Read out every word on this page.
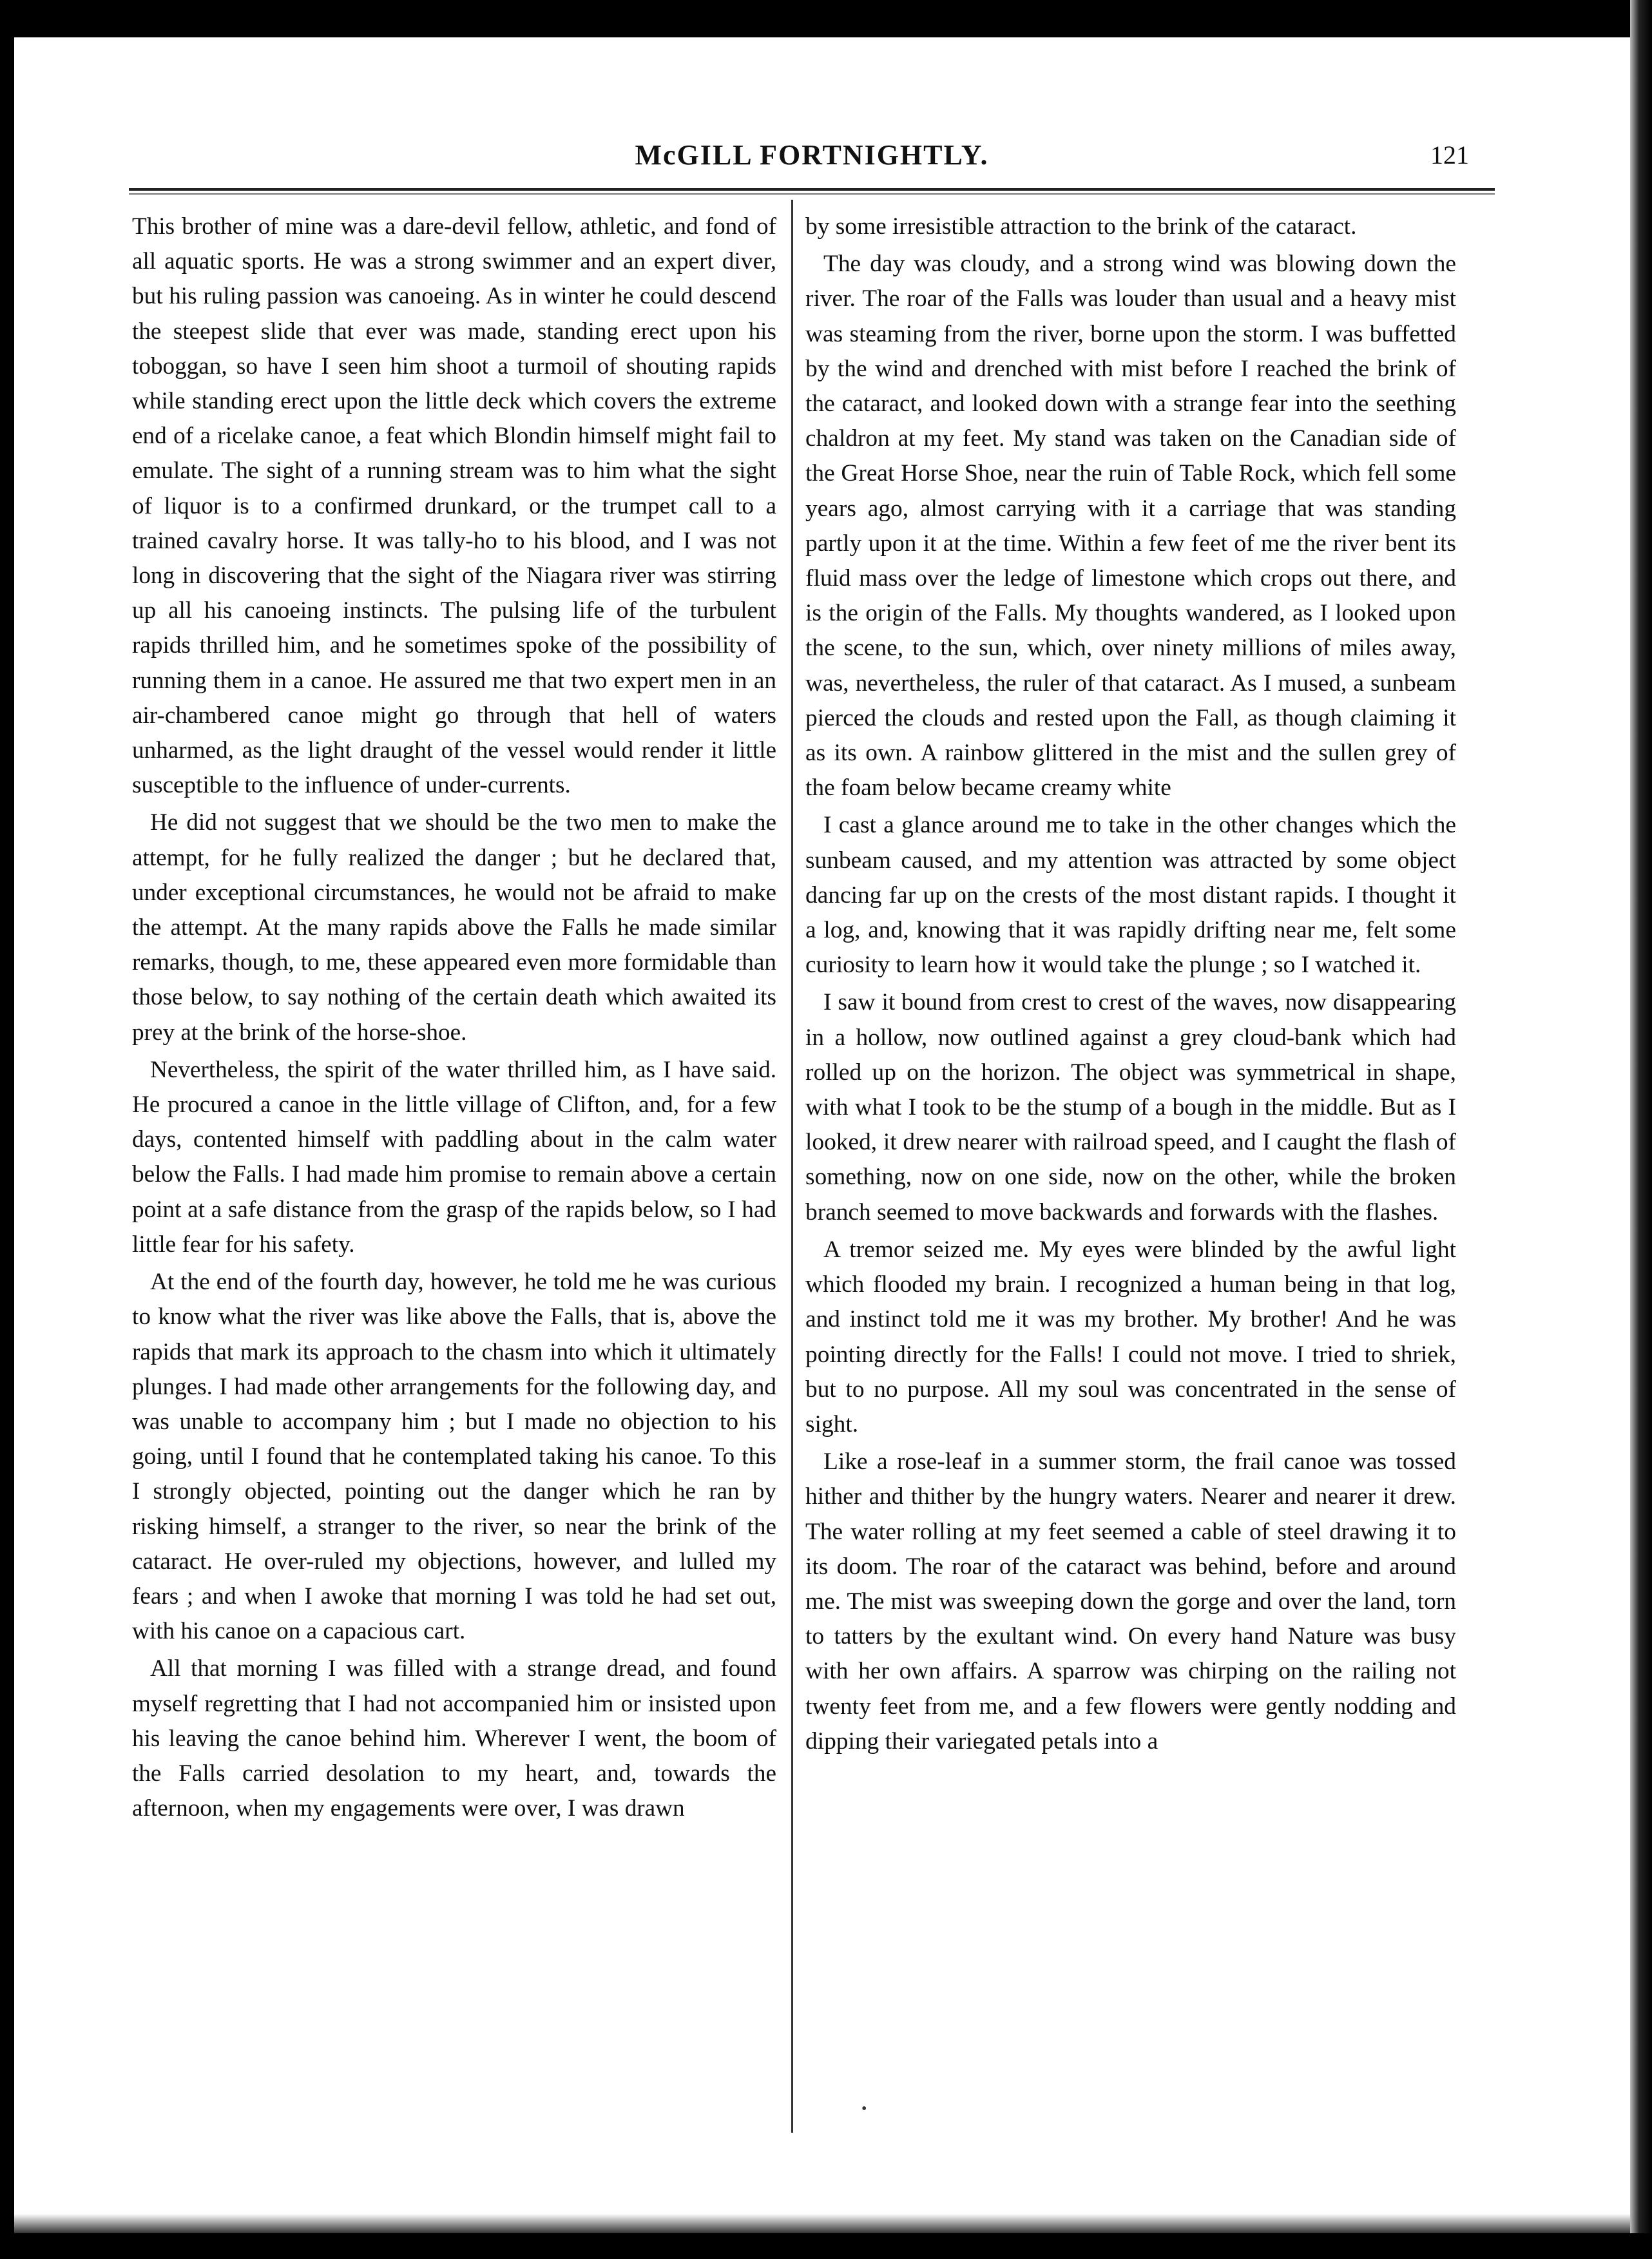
McGILL FORTNIGHTLY.	121

This brother of mine was a dare-devil fellow, athletic, and fond of all aquatic sports. He was a strong swimmer and an expert diver, but his ruling passion was canoeing. As in winter he could descend the steepest slide that ever was made, standing erect upon his toboggan, so have I seen him shoot a turmoil of shouting rapids while standing erect upon the little deck which covers the extreme end of a ricelake canoe, a feat which Blondin himself might fail to emulate. The sight of a running stream was to him what the sight of liquor is to a confirmed drunkard, or the trumpet call to a trained cavalry horse. It was tally-ho to his blood, and I was not long in discovering that the sight of the Niagara river was stirring up all his canoeing instincts. The pulsing life of the turbulent rapids thrilled him, and he sometimes spoke of the possibility of running them in a canoe. He assured me that two expert men in an air-chambered canoe might go through that hell of waters unharmed, as the light draught of the vessel would render it little susceptible to the influence of under-currents.

He did not suggest that we should be the two men to make the attempt, for he fully realized the danger ; but he declared that, under exceptional circumstances, he would not be afraid to make the attempt. At the many rapids above the Falls he made similar remarks, though, to me, these appeared even more formidable than those below, to say nothing of the certain death which awaited its prey at the brink of the horse-shoe.

Nevertheless, the spirit of the water thrilled him, as I have said. He procured a canoe in the little village of Clifton, and, for a few days, contented himself with paddling about in the calm water below the Falls. I had made him promise to remain above a certain point at a safe distance from the grasp of the rapids below, so I had little fear for his safety.

At the end of the fourth day, however, he told me he was curious to know what the river was like above the Falls, that is, above the rapids that mark its approach to the chasm into which it ultimately plunges. I had made other arrangements for the following day, and was unable to accompany him ; but I made no objection to his going, until I found that he contemplated taking his canoe. To this I strongly objected, pointing out the danger which he ran by risking himself, a stranger to the river, so near the brink of the cataract. He over-ruled my objections, however, and lulled my fears ; and when I awoke that morning I was told he had set out, with his canoe on a capacious cart.

All that morning I was filled with a strange dread, and found myself regretting that I had not accompanied him or insisted upon his leaving the canoe behind him. Wherever I went, the boom of the Falls carried desolation to my heart, and, towards the afternoon, when my engagements were over, I was drawn

by some irresistible attraction to the brink of the cataract.

The day was cloudy, and a strong wind was blowing down the river. The roar of the Falls was louder than usual and a heavy mist was steaming from the river, borne upon the storm. I was buffetted by the wind and drenched with mist before I reached the brink of the cataract, and looked down with a strange fear into the seething chaldron at my feet. My stand was taken on the Canadian side of the Great Horse Shoe, near the ruin of Table Rock, which fell some years ago, almost carrying with it a carriage that was standing partly upon it at the time. Within a few feet of me the river bent its fluid mass over the ledge of limestone which crops out there, and is the origin of the Falls. My thoughts wandered, as I looked upon the scene, to the sun, which, over ninety millions of miles away, was, nevertheless, the ruler of that cataract. As I mused, a sunbeam pierced the clouds and rested upon the Fall, as though claiming it as its own. A rainbow glittered in the mist and the sullen grey of the foam below became creamy white

I cast a glance around me to take in the other changes which the sunbeam caused, and my attention was attracted by some object dancing far up on the crests of the most distant rapids. I thought it a log, and, knowing that it was rapidly drifting near me, felt some curiosity to learn how it would take the plunge ; so I watched it.

I saw it bound from crest to crest of the waves, now disappearing in a hollow, now outlined against a grey cloud-bank which had rolled up on the horizon. The object was symmetrical in shape, with what I took to be the stump of a bough in the middle. But as I looked, it drew nearer with railroad speed, and I caught the flash of something, now on one side, now on the other, while the broken branch seemed to move backwards and forwards with the flashes.

A tremor seized me. My eyes were blinded by the awful light which flooded my brain. I recognized a human being in that log, and instinct told me it was my brother. My brother! And he was pointing directly for the Falls! I could not move. I tried to shriek, but to no purpose. All my soul was concentrated in the sense of sight.

Like a rose-leaf in a summer storm, the frail canoe was tossed hither and thither by the hungry waters. Nearer and nearer it drew. The water rolling at my feet seemed a cable of steel drawing it to its doom. The roar of the cataract was behind, before and around me. The mist was sweeping down the gorge and over the land, torn to tatters by the exultant wind. On every hand Nature was busy with her own affairs. A sparrow was chirping on the railing not twenty feet from me, and a few flowers were gently nodding and dipping their variegated petals into a

•
